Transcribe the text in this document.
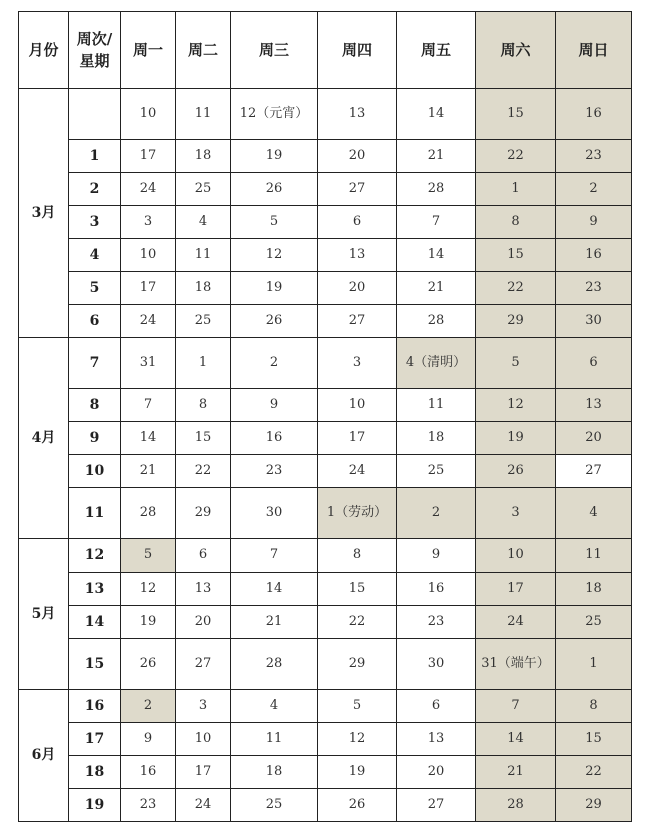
月份	周次/星期	周一	周二	周三	周四	周五	周六	周日
3月		10	11	12（元宵）	13	14	15	16
	1	17	18	19	20	21	22	23
	2	24	25	26	27	28	1	2
	3	3	4	5	6	7	8	9
	4	10	11	12	13	14	15	16
	5	17	18	19	20	21	22	23
	6	24	25	26	27	28	29	30
4月	7	31	1	2	3	4（清明）	5	6
	8	7	8	9	10	11	12	13
	9	14	15	16	17	18	19	20
	10	21	22	23	24	25	26	27
	11	28	29	30	1（劳动）	2	3	4
5月	12	5	6	7	8	9	10	11
	13	12	13	14	15	16	17	18
	14	19	20	21	22	23	24	25
	15	26	27	28	29	30	31（端午）	1
6月	16	2	3	4	5	6	7	8
	17	9	10	11	12	13	14	15
	18	16	17	18	19	20	21	22
	19	23	24	25	26	27	28	29
